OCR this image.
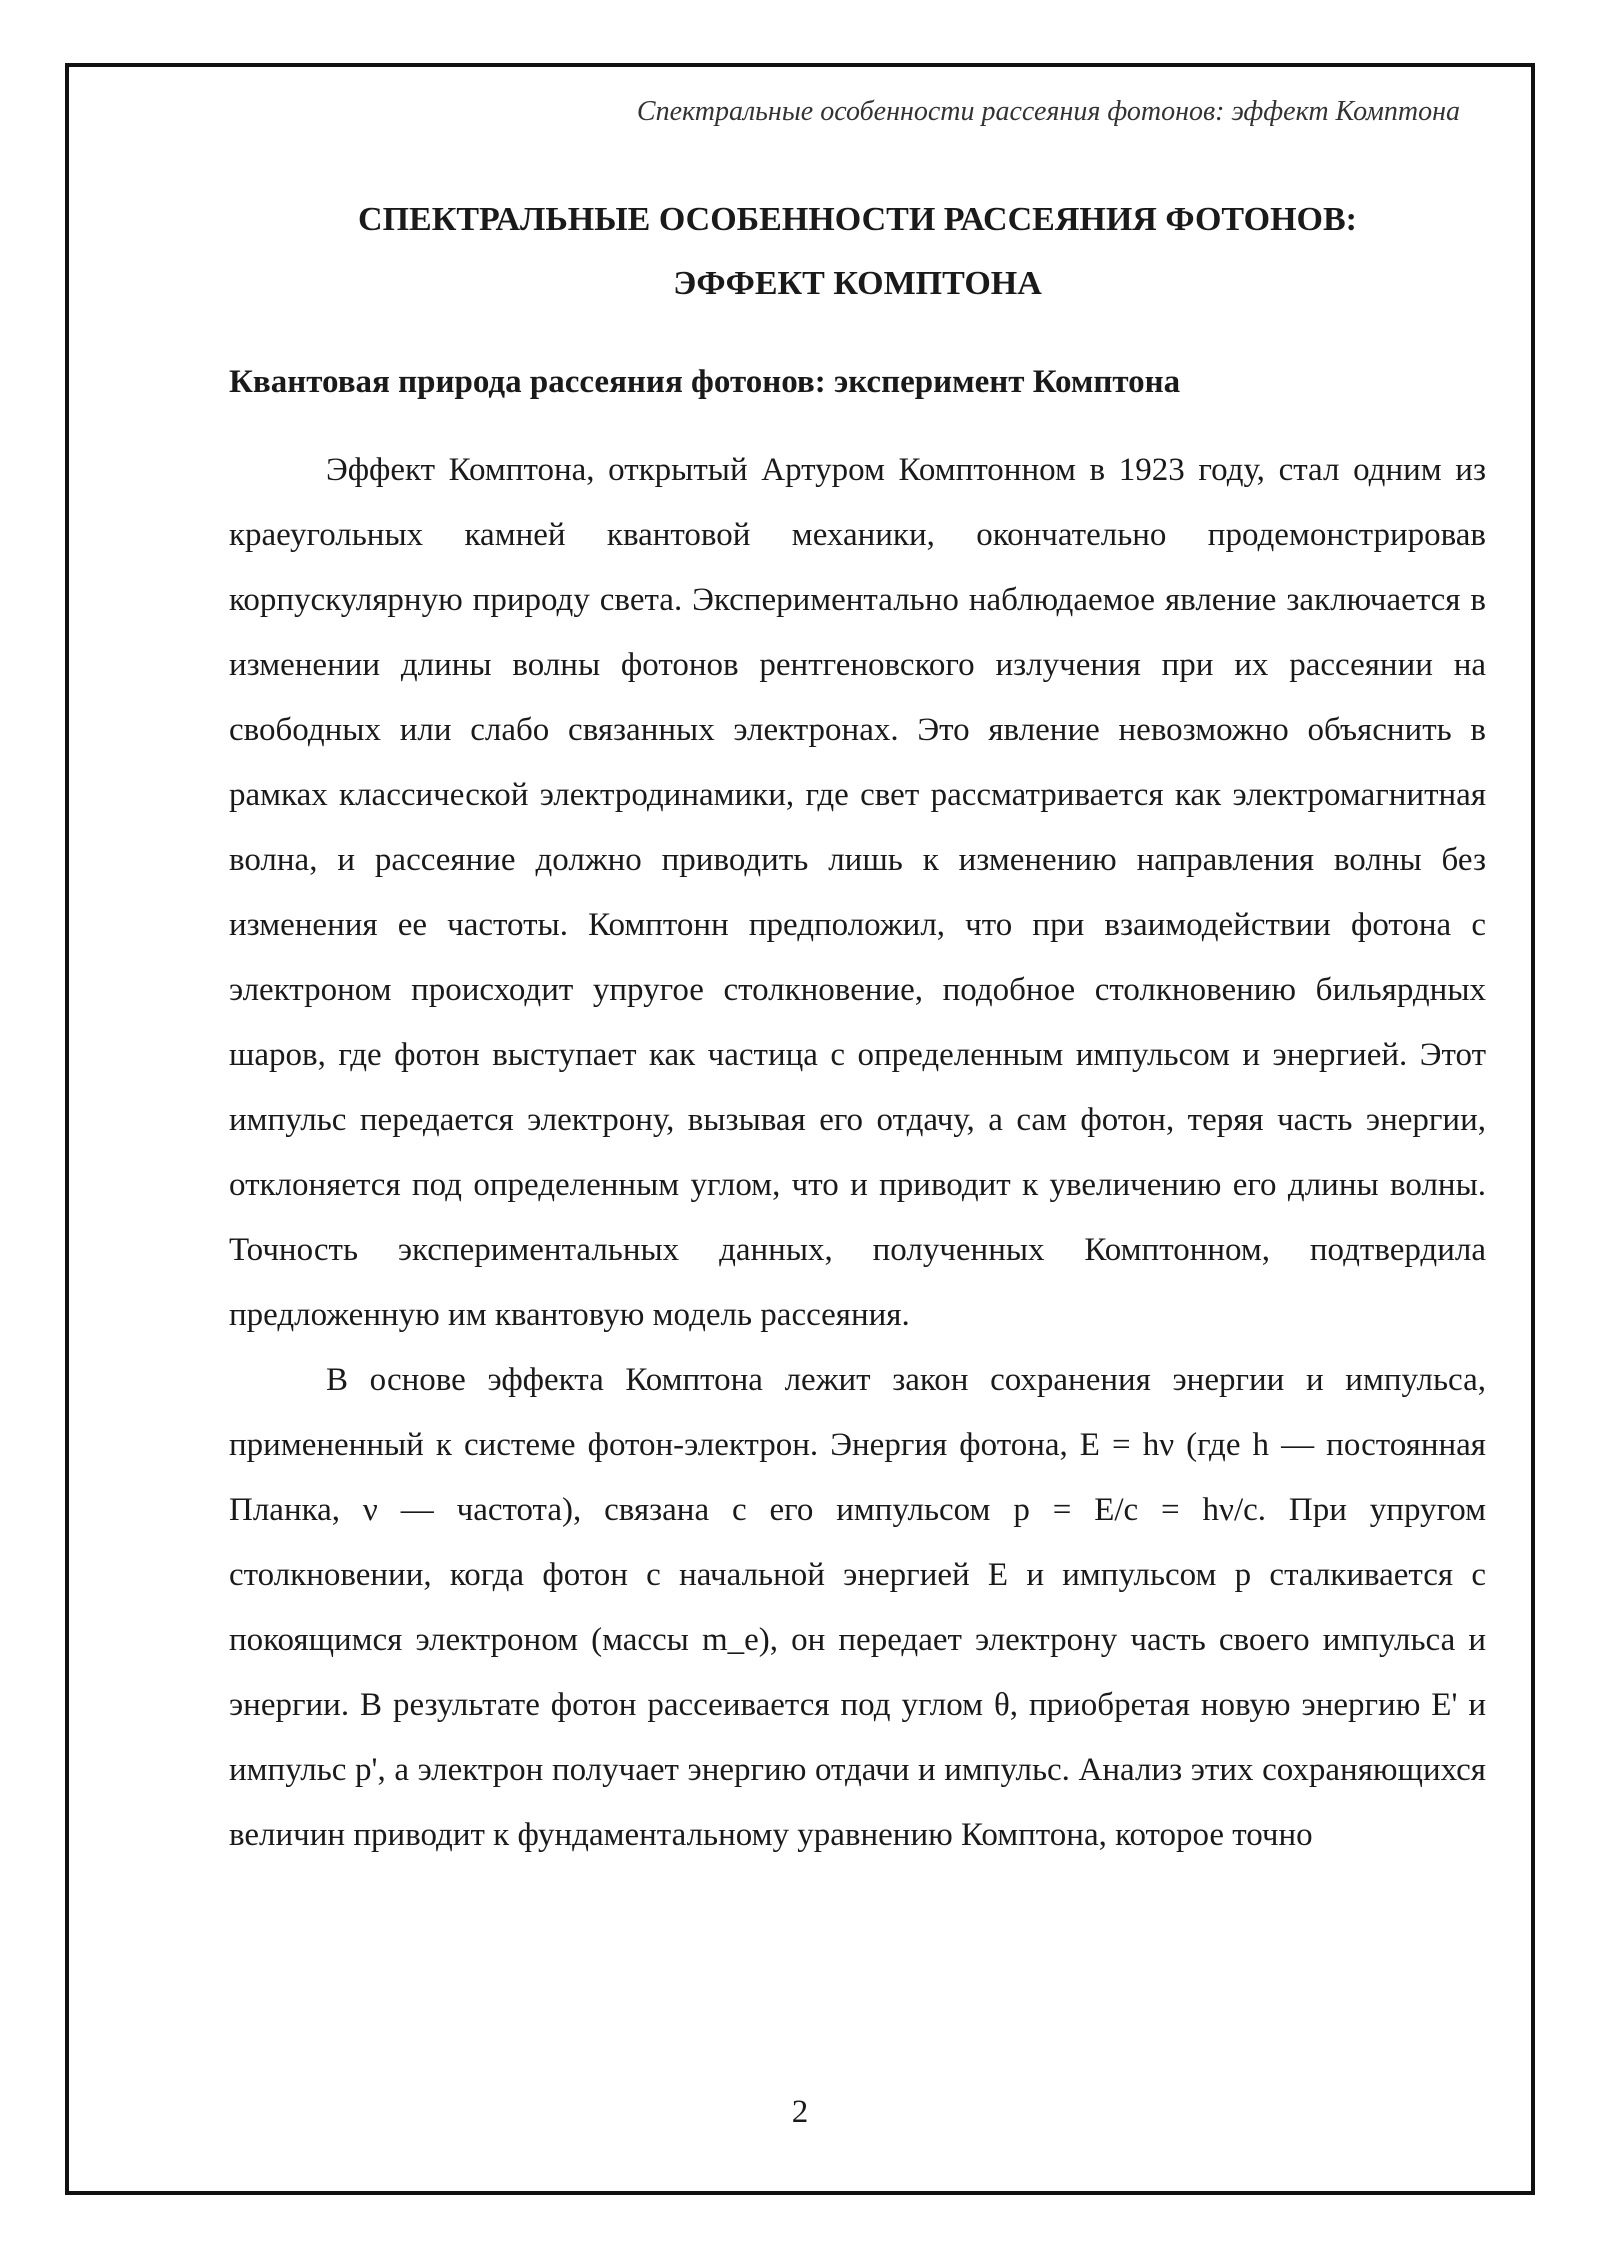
Спектральные особенности рассеяния фотонов: эффект Комптона
СПЕКТРАЛЬНЫЕ ОСОБЕННОСТИ РАССЕЯНИЯ ФОТОНОВ:
ЭФФЕКТ КОМПТОНА
Квантовая природа рассеяния фотонов: эксперимент Комптона

Эффект Комптона, открытый Артуром Комптонном в 1923 году, стал одним из краеугольных камней квантовой механики, окончательно продемонстрировав корпускулярную природу света. Экспериментально наблюдаемое явление заключается в изменении длины волны фотонов рентгеновского излучения при их рассеянии на свободных или слабо связанных электронах. Это явление невозможно объяснить в рамках классической электродинамики, где свет рассматривается как электромагнитная волна, и рассеяние должно приводить лишь к изменению направления волны без изменения ее частоты. Комптонн предположил, что при взаимодействии фотона с электроном происходит упругое столкновение, подобное столкновению бильярдных шаров, где фотон выступает как частица с определенным импульсом и энергией. Этот импульс передается электрону, вызывая его отдачу, а сам фотон, теряя часть энергии, отклоняется под определенным углом, что и приводит к увеличению его длины волны. Точность экспериментальных данных, полученных Комптонном, подтвердила предложенную им квантовую модель рассеяния.

В основе эффекта Комптона лежит закон сохранения энергии и импульса, примененный к системе фотон-электрон. Энергия фотона, E = hν (где h — постоянная Планка, ν — частота), связана с его импульсом p = E/c = hν/c. При упругом столкновении, когда фотон с начальной энергией E и импульсом p сталкивается с покоящимся электроном (массы m_e), он передает электрону часть своего импульса и энергии. В результате фотон рассеивается под углом θ, приобретая новую энергию E' и импульс p', а электрон получает энергию отдачи и импульс. Анализ этих сохраняющихся величин приводит к фундаментальному уравнению Комптона, которое точно

2
